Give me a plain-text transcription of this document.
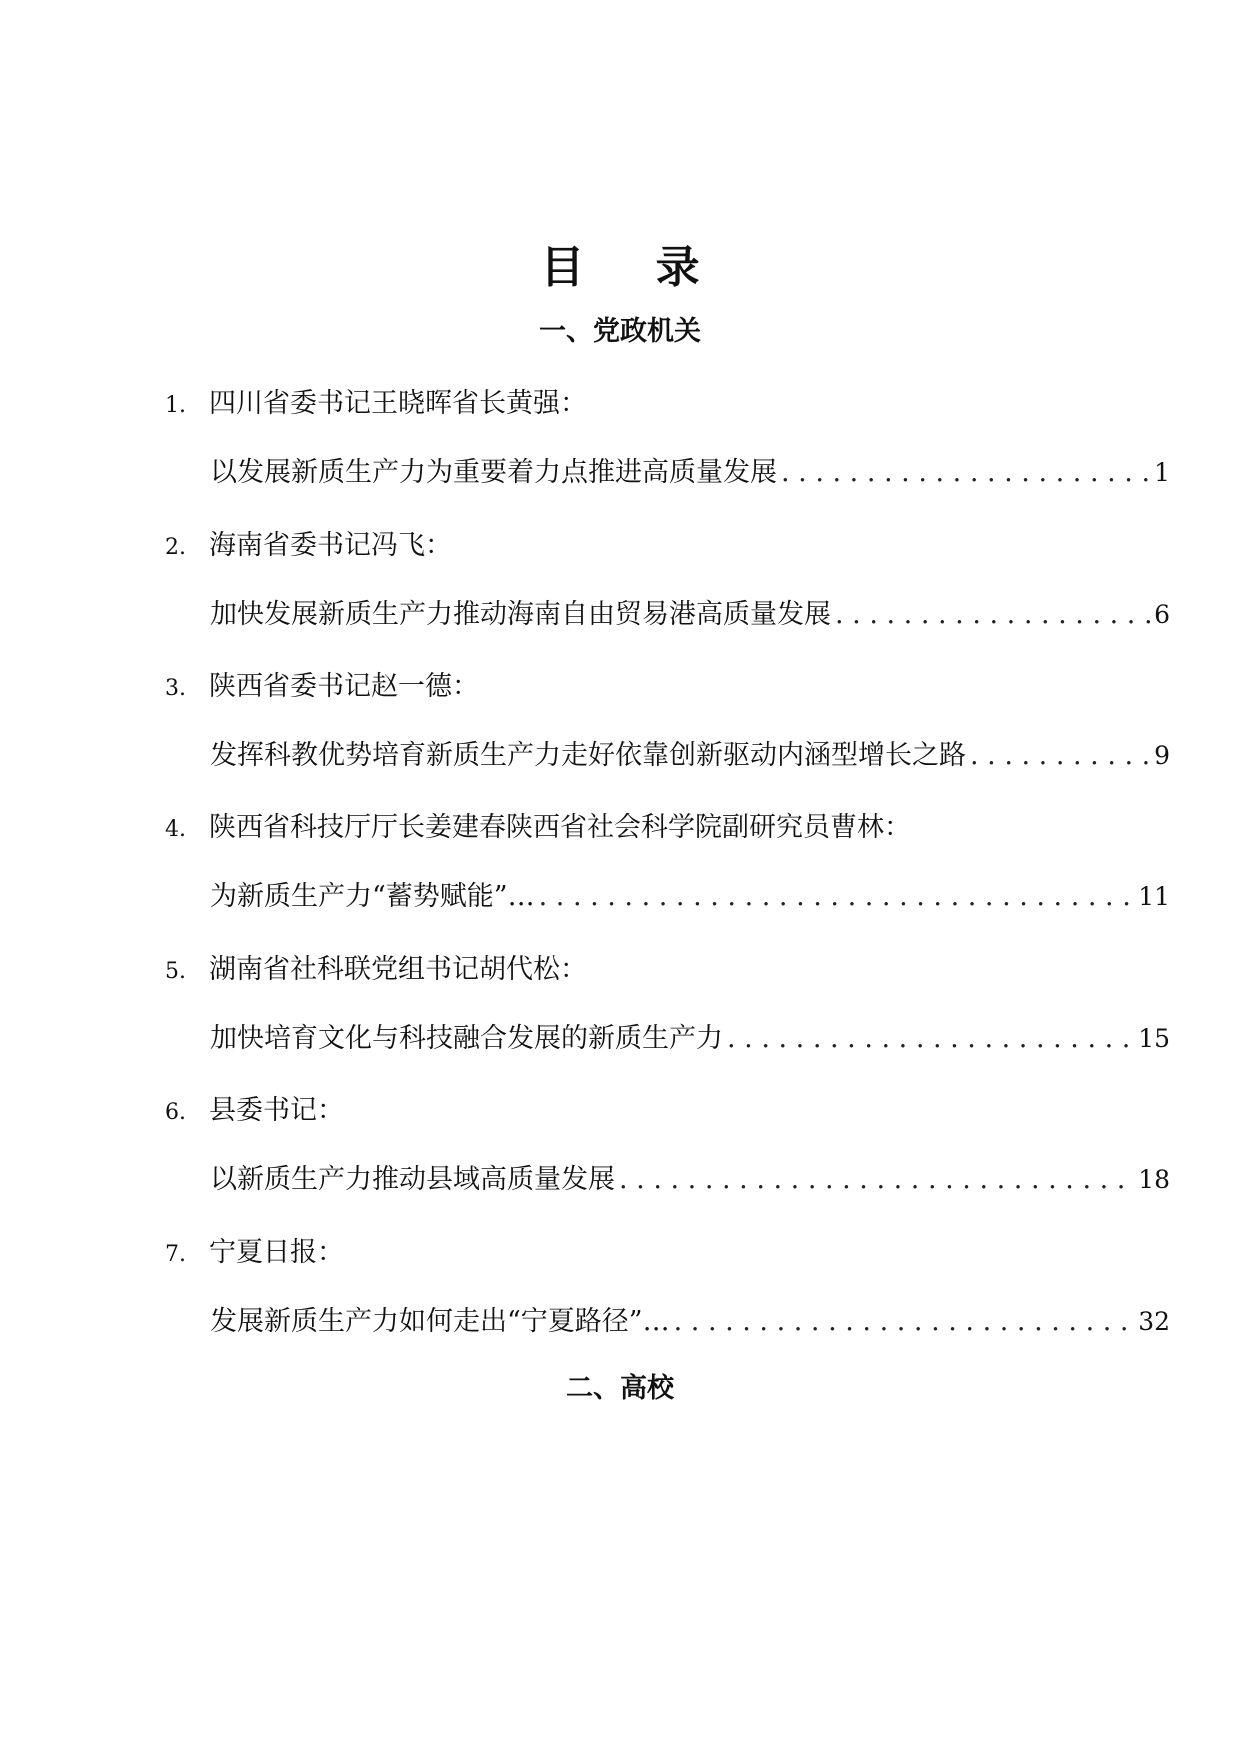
目 录
一、党政机关
1. 四川省委书记王晓晖省长黄强：
以发展新质生产力为重要着力点推进高质量发展 . . .	1
2. 海南省委书记冯飞：
加快发展新质生产力推动海南自由贸易港高质量发展 . . .	6
3. 陕西省委书记赵一德：
发挥科教优势培育新质生产力走好依靠创新驱动内涵型增长之路 . . .	9
4. 陕西省科技厅厅长姜建春陕西省社会科学院副研究员曹林：
为新质生产力“蓄势赋能”… . . .	11
5. 湖南省社科联党组书记胡代松：
加快培育文化与科技融合发展的新质生产力 . . .	15
6. 县委书记：
以新质生产力推动县域高质量发展 . . .	18
7. 宁夏日报：
发展新质生产力如何走出“宁夏路径”… . . .	32
二、高校
